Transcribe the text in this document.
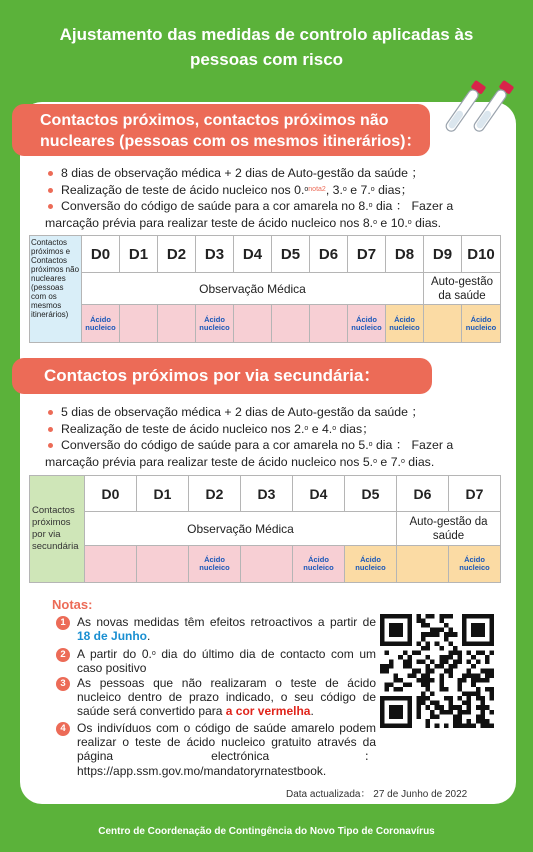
Ajustamento das medidas de controlo aplicadas às
pessoas com risco
Contactos próximos, contactos próximos não
nucleares (pessoas com os mesmos itinerários)：
8 dias de observação médica + 2 dias de Auto-gestão da saúde ；
Realização de teste de ácido nucleico nos 0.$^{onota2}$, 3.$^o$ e 7.$^o$ dias；
Conversão do código de saúde para a cor amarela no 8.$^o$ dia ： Fazer a
marcação prévia para realizar teste de ácido nucleico nos 8.$^o$ e 10.$^o$ dias.
Contactos próximos e Contactos próximos não nucleares (pessoas com os mesmos itinerários)	D0	D1	D2	D3	D4	D5	D6	D7	D8	D9	D10
	Observação Médica									Auto-gestão da saúde	

	Ácido nucleico			Ácido nucleico				Ácido nucleico	Ácido nucleico		Ácido nucleico
Contactos próximos por via secundária：
5 dias de observação médica + 2 dias de Auto-gestão da saúde ；
Realização de teste de ácido nucleico nos 2.$^o$ e 4.$^o$ dias；
Conversão do código de saúde para a cor amarela no 5.$^o$ dia ： Fazer a
marcação prévia para realizar teste de ácido nucleico nos 5.$^o$ e 7.$^o$ dias.
Contactos próximos por via secundária	D0	D1	D2	D3	D4	D5	D6	D7
	Observação Médica						Auto-gestão da saúde	

			Ácido nucleico		Ácido nucleico	Ácido nucleico		Ácido nucleico
Notas:
1 As novas medidas têm efeitos retroactivos a partir de 18 de Junho.
2 A partir do 0.$^o$ dia do último dia de contacto com um caso positivo
3 As pessoas que não realizaram o teste de ácido nucleico dentro de prazo indicado, o seu código de saúde será convertido para a cor vermelha.
4 Os indivíduos com o código de saúde amarelo podem realizar o teste de ácido nucleico gratuito através da página electrónica： https://app.ssm.gov.mo/mandatoryrnatestbook.
Data actualizada： 27 de Junho de 2022
Centro de Coordenação de Contingência do Novo Tipo de Coronavírus
